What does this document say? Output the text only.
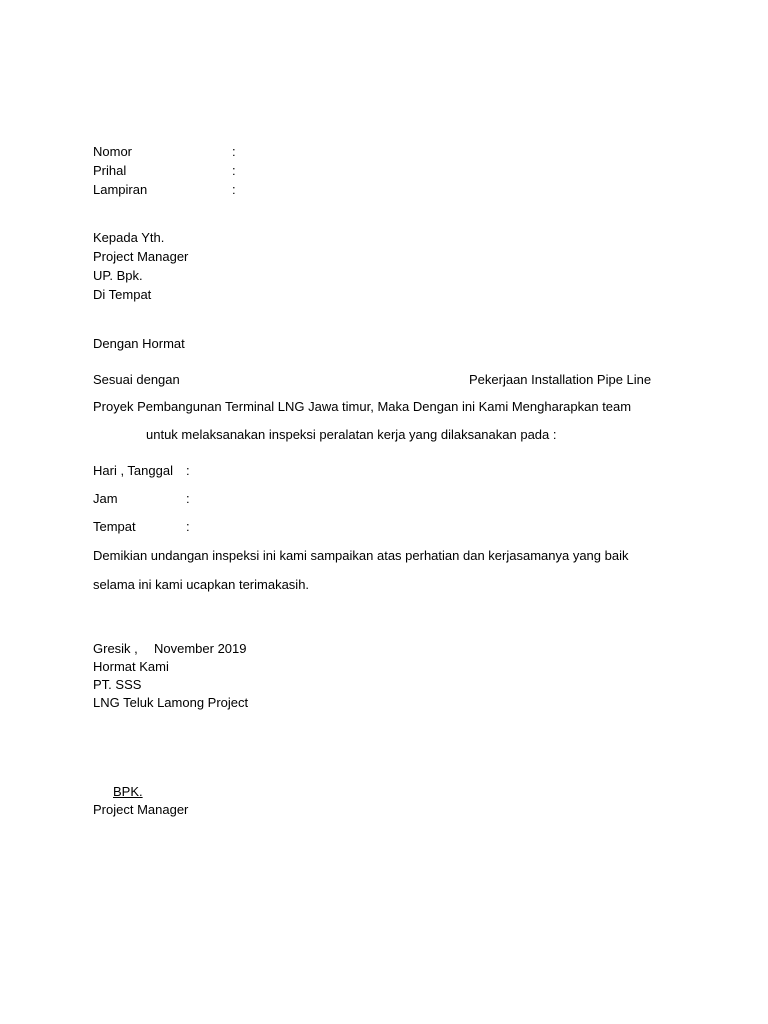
Nomor	:
Prihal	:
Lampiran	:
Kepada Yth.
Project Manager
UP. Bpk.
Di Tempat
Dengan Hormat
Sesuai dengan	Pekerjaan Installation Pipe Line
Proyek Pembangunan Terminal LNG Jawa timur, Maka Dengan ini Kami Mengharapkan team
untuk melaksanakan inspeksi peralatan kerja yang dilaksanakan pada :
Hari , Tanggal :
Jam	:
Tempat	:
Demikian undangan inspeksi ini kami sampaikan atas perhatian dan kerjasamanya yang baik
selama ini kami ucapkan terimakasih.
Gresik , November 2019
Hormat Kami
PT. SSS
LNG Teluk Lamong Project
BPK.
Project Manager
